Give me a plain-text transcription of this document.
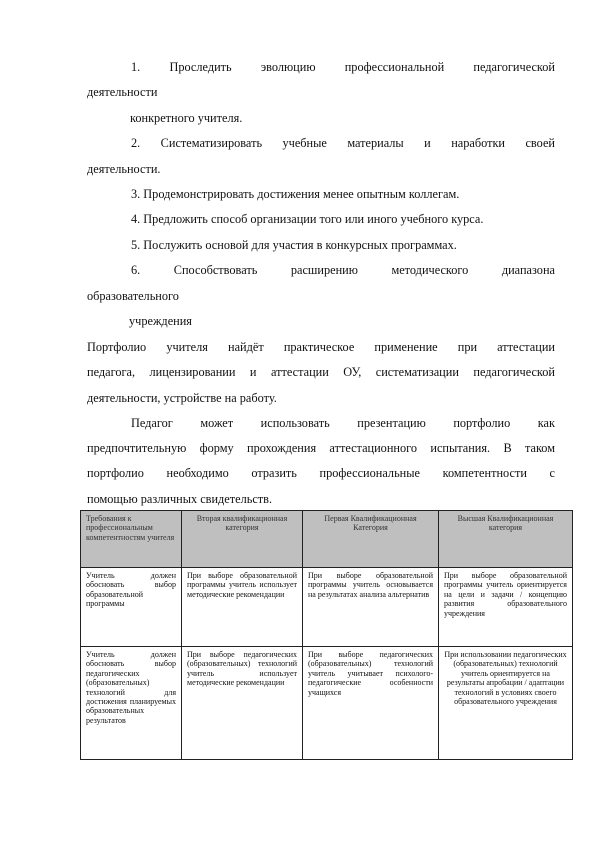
1. Проследить эволюцию профессиональной педагогической
деятельности
конкретного учителя.
2. Систематизировать учебные материалы и наработки своей
деятельности.
3. Продемонстрировать достижения менее опытным коллегам.
4. Предложить способ организации того или иного учебного курса.
5. Послужить основой для участия в конкурсных программах.
6. Способствовать расширению методического диапазона
образовательного
учреждения
Портфолио учителя найдёт практическое применение при аттестации
педагога, лицензировании и аттестации ОУ, систематизации педагогической
деятельности, устройстве на работу.
Педагог может использовать презентацию портфолио как
предпочтительную форму прохождения аттестационного испытания. В таком
портфолио необходимо отразить профессиональные компетентности с
помощью различных свидетельств.
Требования к профессиональным компетентностям учителя	Вторая квалификационная категория	Первая Квалификационная Категория	Высшая Квалификационная категория
Учитель должен обосновать выбор образовательной программы	При выборе образовательной программы учитель использует методические рекомендации	При выборе образовательной программы учитель основывается на результатах анализа альтернатив	При выборе образовательной программы учитель ориентируется на цели и задачи / концепцию развития образовательного учреждения
Учитель должен обосновать выбор педагогических (образовательных) технологий для достижения планируемых образовательных результатов	При выборе педагогических (образовательных) технологий учитель использует методические рекомендации	При выборе педагогических (образовательных) технологий учитель учитывает психолого-педагогические особенности учащихся	При использовании педагогических (образовательных) технологий учитель ориентируется на результаты апробации / адаптации технологий в условиях своего образовательного учреждения
